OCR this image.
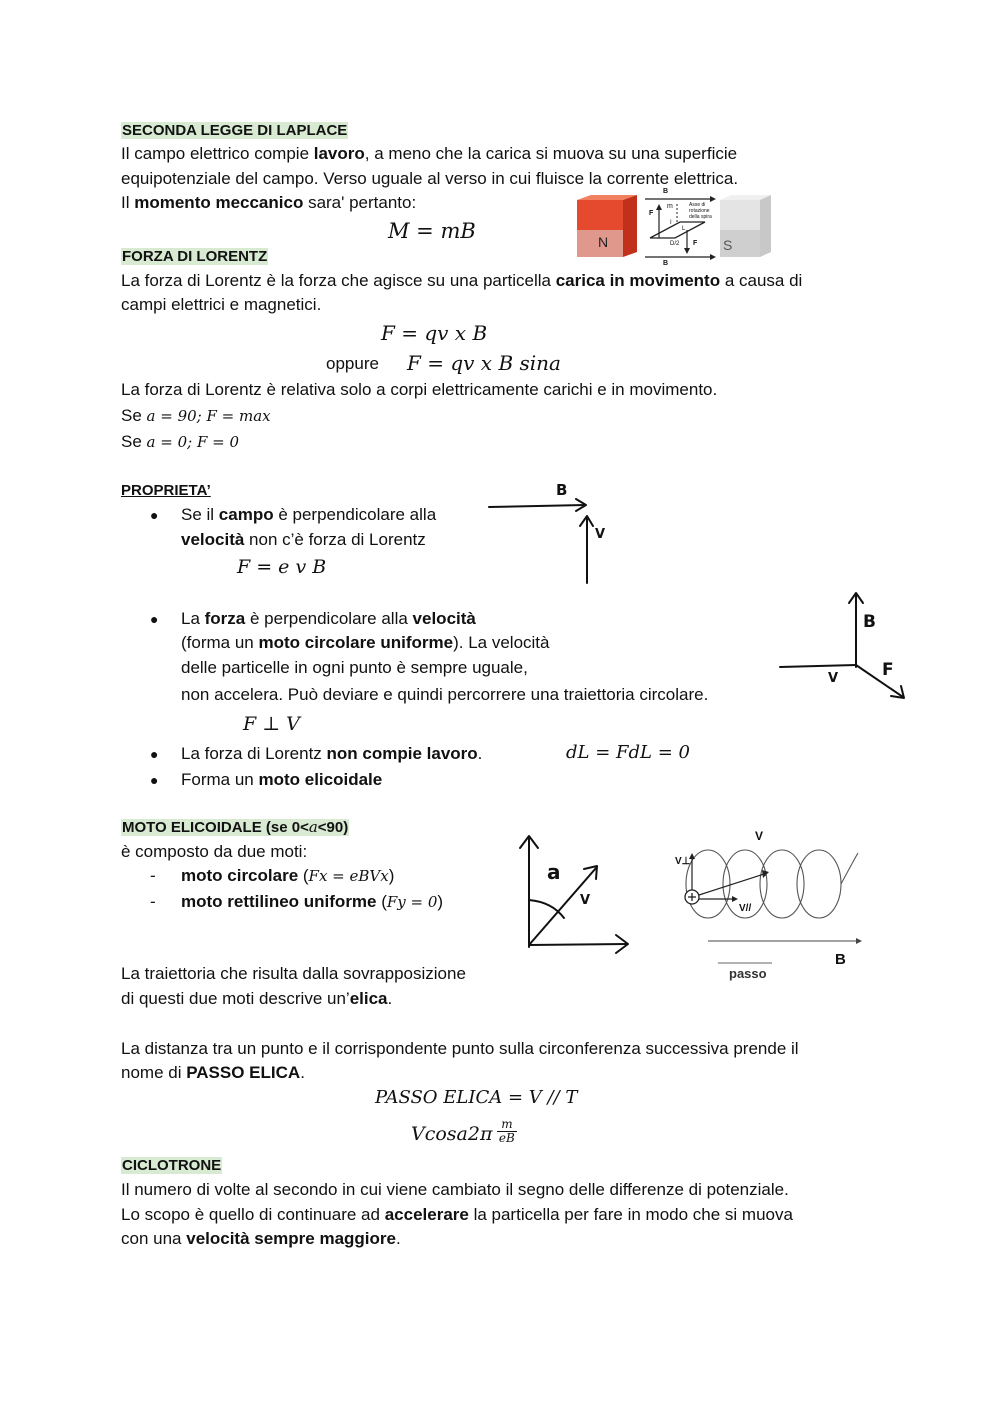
SECONDA LEGGE DI LAPLACE
Il campo elettrico compie lavoro, a meno che la carica si muova su una superficie
equipotenziale del campo. Verso uguale al verso in cui fluisce la corrente elettrica.
Il momento meccanico sara' pertanto:
M = mB	N	S
B
B
F
F
m
I
L
D/2
Asse di rotazione della spira
FORZA DI LORENTZ
La forza di Lorentz è la forza che agisce su una particella carica in movimento a causa di
campi elettrici e magnetici.
F = qv x B
oppure F = qv x B sina
La forza di Lorentz è relativa solo a corpi elettricamente carichi e in movimento.
Se a = 90; F = max
Se a = 0; F = 0
PROPRIETA’
● Se il campo è perpendicolare alla
velocità non c’è forza di Lorentz
F = e v B
B
V
● La forza è perpendicolare alla velocità
(forma un moto circolare uniforme). La velocità
delle particelle in ogni punto è sempre uguale,
non accelera. Può deviare e quindi percorrere una traiettoria circolare.
F ⊥ V
B
V	F
● La forza di Lorentz non compie lavoro.	dL = FdL = 0
● Forma un moto elicoidale
MOTO ELICOIDALE (se 0<a<90)
è composto da due moti:
- moto circolare (Fx = eBVx)
- moto rettilineo uniforme (Fy = 0)
a
V
V
V⊥
V//
passo
B
La traiettoria che risulta dalla sovrapposizione
di questi due moti descrive un’elica.
La distanza tra un punto e il corrispondente punto sulla circonferenza successiva prende il
nome di PASSO ELICA.
PASSO ELICA = V // T
$Vcosa2\pi \frac{m}{eB}$
CICLOTRONE
Il numero di volte al secondo in cui viene cambiato il segno delle differenze di potenziale.
Lo scopo è quello di continuare ad accelerare la particella per fare in modo che si muova
con una velocità sempre maggiore.
